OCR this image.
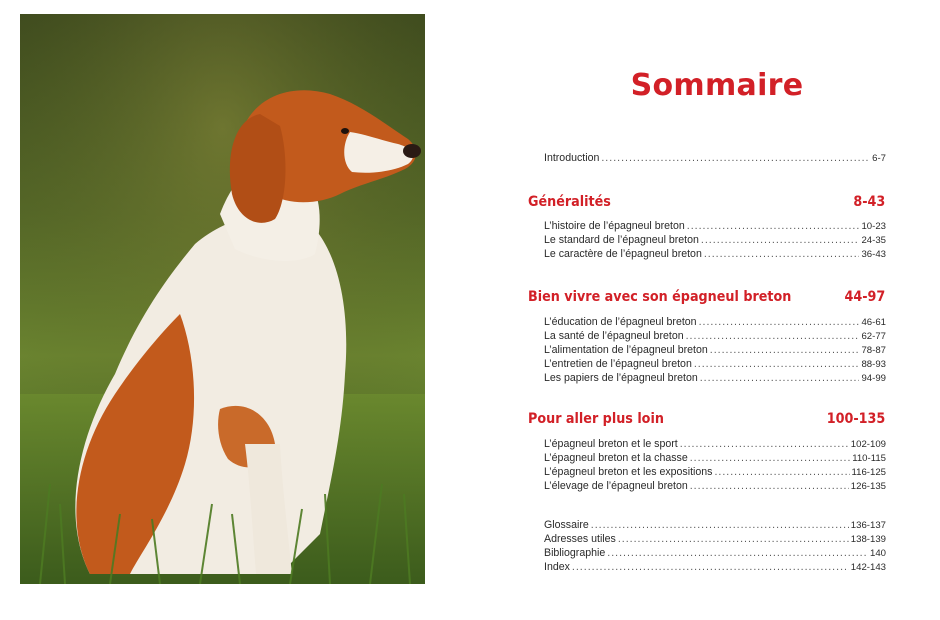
Sommaire
Introduction .....	6-7
Généralités	8-43
L’histoire de l’épagneul breton .....	10-23
Le standard de l’épagneul breton .....	24-35
Le caractère de l’épagneul breton .....	36-43
Bien vivre avec son épagneul breton	44-97
L’éducation de l’épagneul breton .....	46-61
La santé de l’épagneul breton .....	62-77
L’alimentation de l’épagneul breton .....	78-87
L’entretien de l’épagneul breton .....	88-93
Les papiers de l’épagneul breton .....	94-99
Pour aller plus loin	100-135
L’épagneul breton et le sport .....	102-109
L’épagneul breton et la chasse .....	110-115
L’épagneul breton et les expositions .....	116-125
L’élevage de l’épagneul breton .....	126-135
Glossaire .....	136-137
Adresses utiles .....	138-139
Bibliographie .....	140
Index .....	142-143
